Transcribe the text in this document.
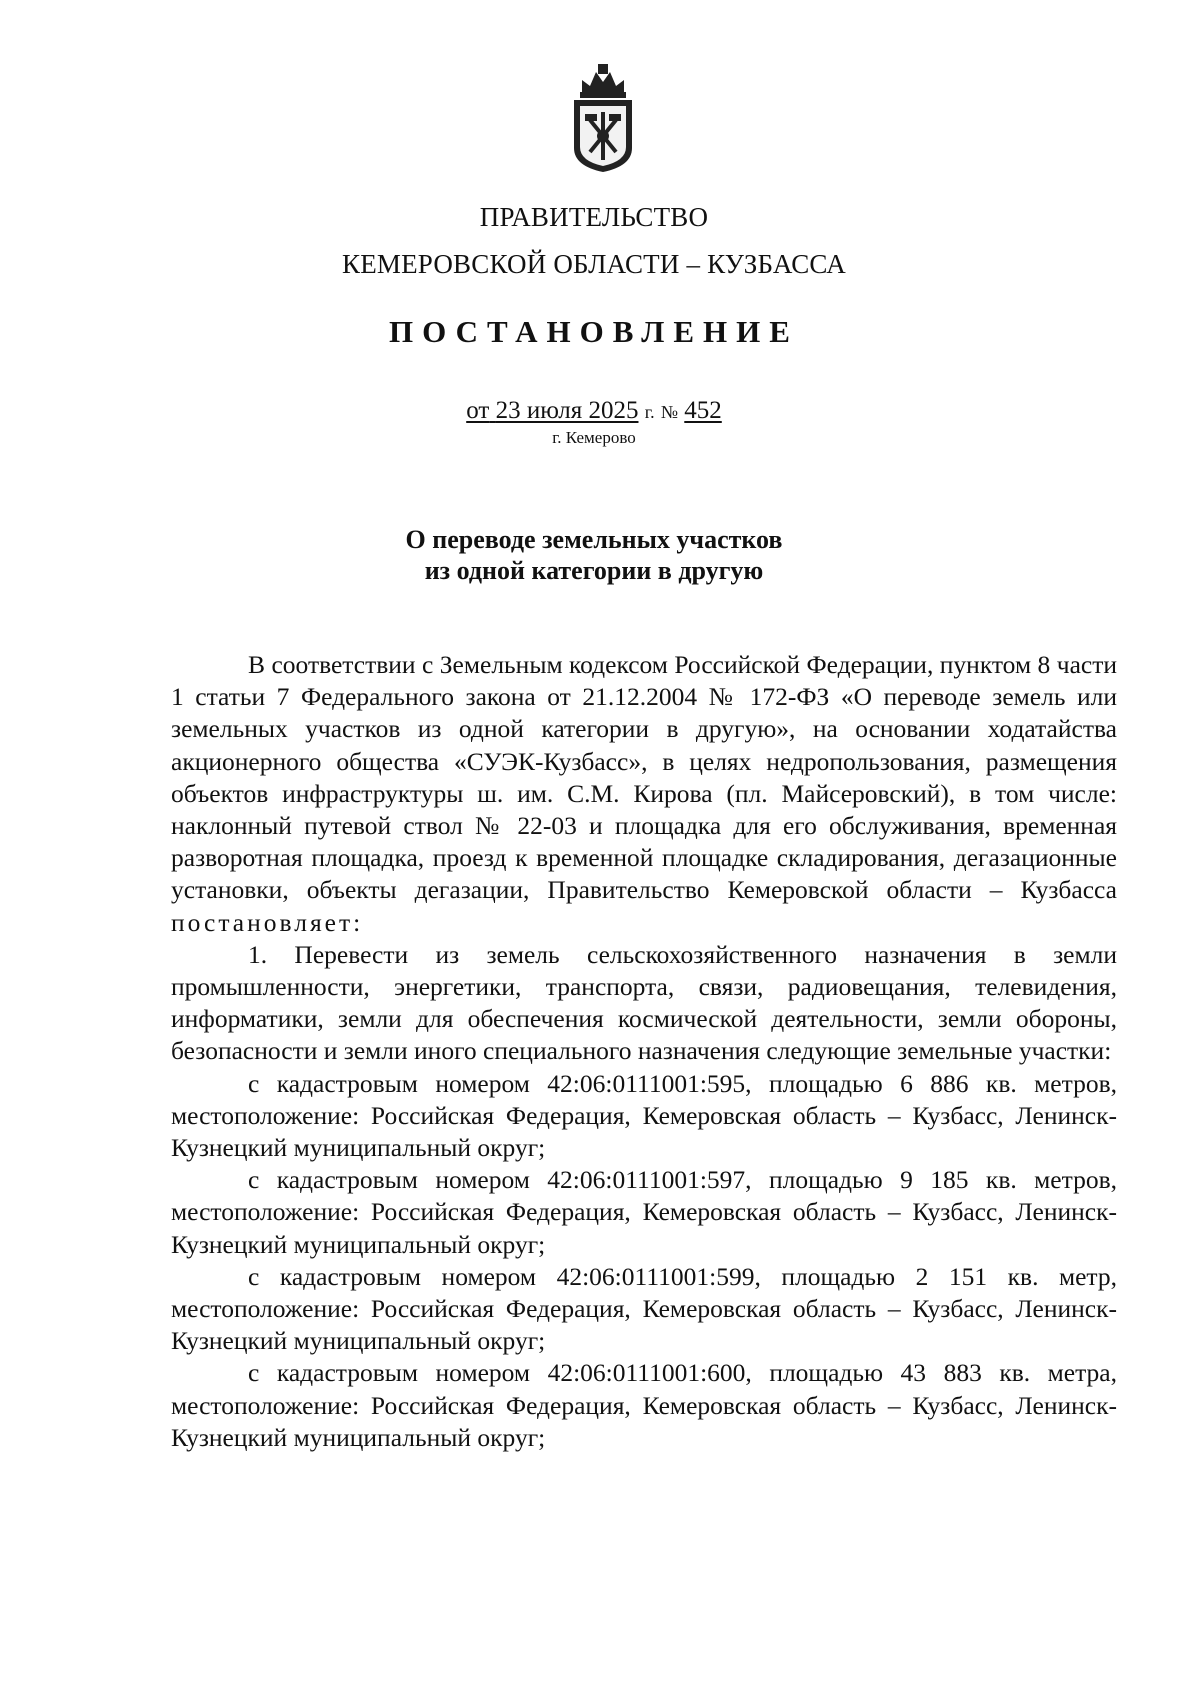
ПРАВИТЕЛЬСТВО
КЕМЕРОВСКОЙ ОБЛАСТИ – КУЗБАССА
ПОСТАНОВЛЕНИЕ
от 23 июля 2025 г. № 452
г. Кемерово
О переводе земельных участков
из одной категории в другую

В соответствии с Земельным кодексом Российской Федерации, пунктом 8 части 1 статьи 7 Федерального закона от 21.12.2004 № 172-ФЗ «О переводе земель или земельных участков из одной категории в другую», на основании ходатайства акционерного общества «СУЭК-Кузбасс», в целях недропользования, размещения объектов инфраструктуры ш. им. С.М. Кирова (пл. Майсеровский), в том числе: наклонный путевой ствол № 22-03 и площадка для его обслуживания, временная разворотная площадка, проезд к временной площадке складирования, дегазационные установки, объекты дегазации, Правительство Кемеровской области – Кузбасса постановляет:

1. Перевести из земель сельскохозяйственного назначения в земли промышленности, энергетики, транспорта, связи, радиовещания, телевидения, информатики, земли для обеспечения космической деятельности, земли обороны, безопасности и земли иного специального назначения следующие земельные участки:

с кадастровым номером 42:06:0111001:595, площадью 6 886 кв. метров, местоположение: Российская Федерация, Кемеровская область – Кузбасс, Ленинск-Кузнецкий муниципальный округ;

с кадастровым номером 42:06:0111001:597, площадью 9 185 кв. метров, местоположение: Российская Федерация, Кемеровская область – Кузбасс, Ленинск-Кузнецкий муниципальный округ;

с кадастровым номером 42:06:0111001:599, площадью 2 151 кв. метр, местоположение: Российская Федерация, Кемеровская область – Кузбасс, Ленинск-Кузнецкий муниципальный округ;

с кадастровым номером 42:06:0111001:600, площадью 43 883 кв. метра, местоположение: Российская Федерация, Кемеровская область – Кузбасс, Ленинск-Кузнецкий муниципальный округ;
